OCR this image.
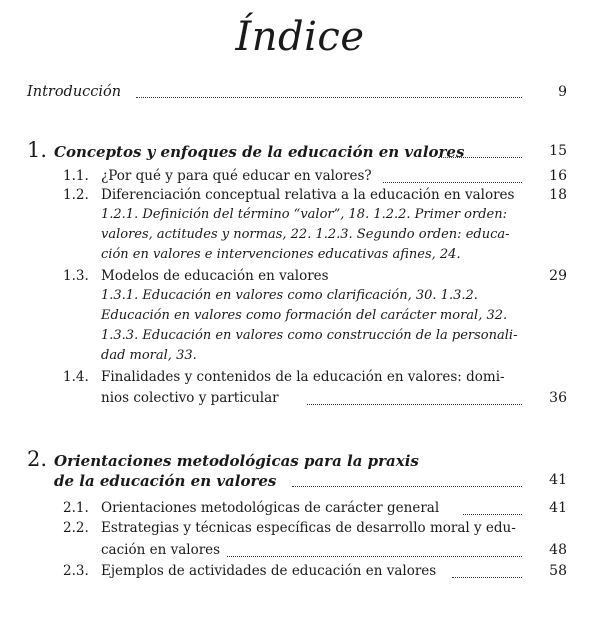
Índice
Introducción	9
1. Conceptos y enfoques de la educación en valores	15
1.1. ¿Por qué y para qué educar en valores?	16
1.2. Diferenciación conceptual relativa a la educación en valores	18
1.2.1. Definición del término “valor”, 18. 1.2.2. Primer orden:
valores, actitudes y normas, 22. 1.2.3. Segundo orden: educa-
ción en valores e intervenciones educativas afines, 24.
1.3. Modelos de educación en valores	29
1.3.1. Educación en valores como clarificación, 30. 1.3.2.
Educación en valores como formación del carácter moral, 32.
1.3.3. Educación en valores como construcción de la personali-
dad moral, 33.
1.4. Finalidades y contenidos de la educación en valores: domi-
nios colectivo y particular	36
2. Orientaciones metodológicas para la praxis
de la educación en valores	41
2.1. Orientaciones metodológicas de carácter general	41
2.2. Estrategias y técnicas específicas de desarrollo moral y edu-
cación en valores	48
2.3. Ejemplos de actividades de educación en valores	58
